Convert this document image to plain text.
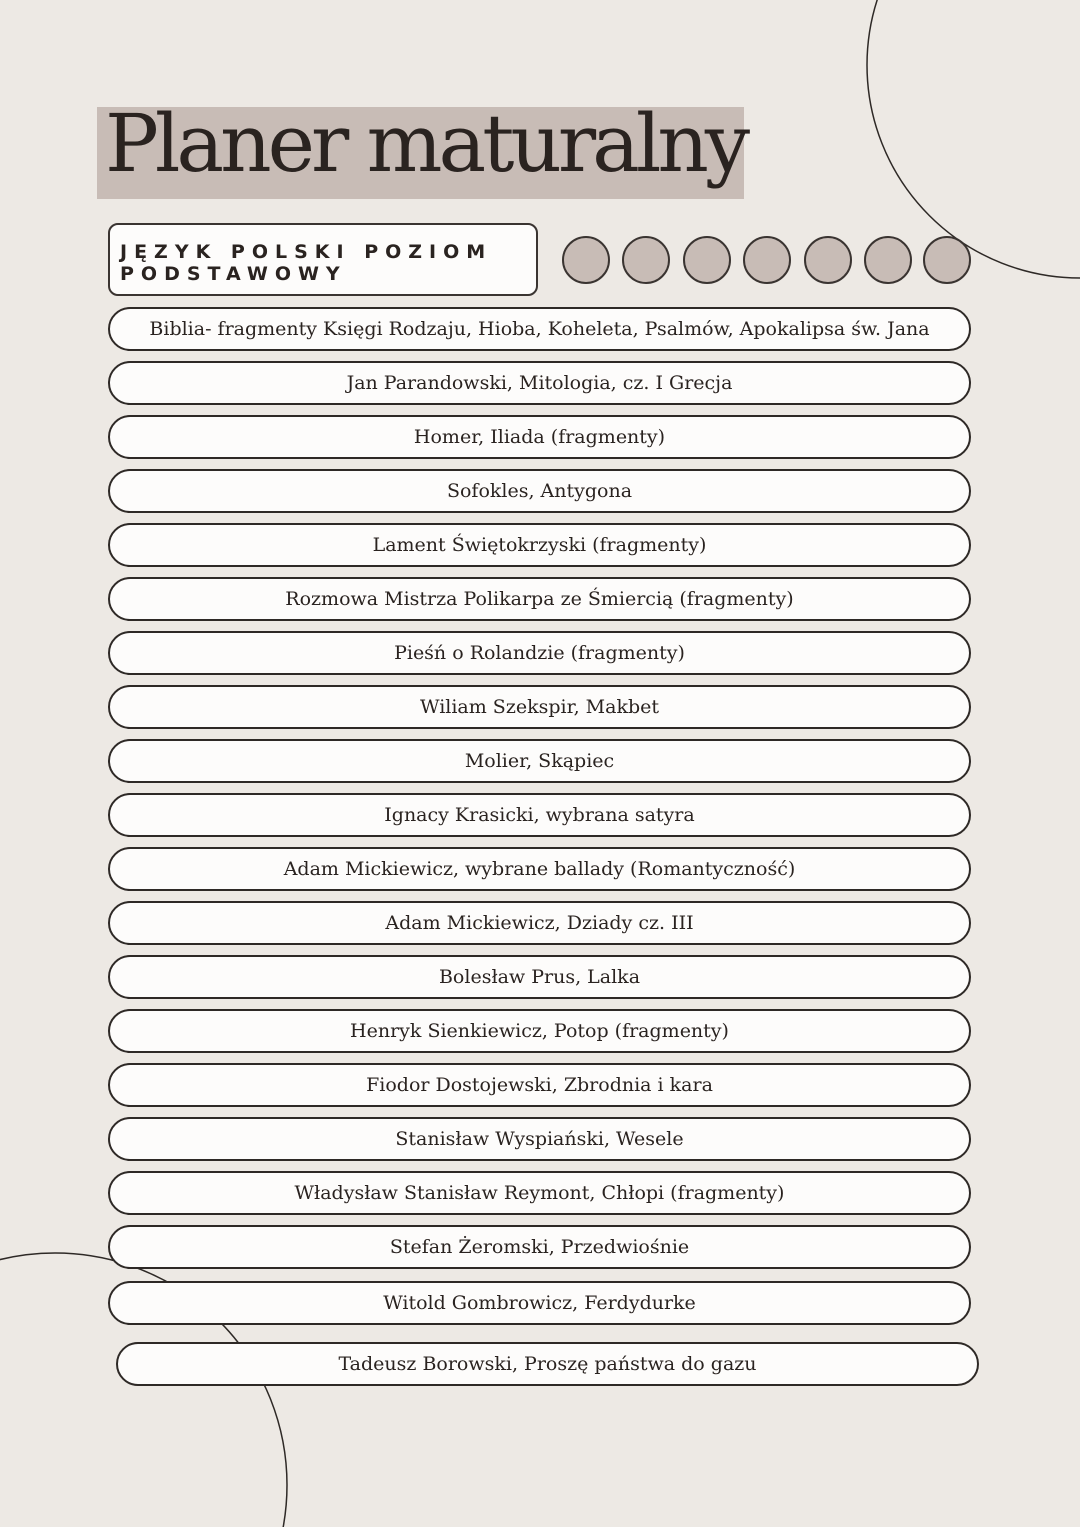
Planer maturalny
JĘZYK POLSKI POZIOM
PODSTAWOWY
Biblia- fragmenty Księgi Rodzaju, Hioba, Koheleta, Psalmów, Apokalipsa św. Jana
Jan Parandowski, Mitologia, cz. I Grecja
Homer, Iliada (fragmenty)
Sofokles, Antygona
Lament Świętokrzyski (fragmenty)
Rozmowa Mistrza Polikarpa ze Śmiercią (fragmenty)
Pieśń o Rolandzie (fragmenty)
Wiliam Szekspir, Makbet
Molier, Skąpiec
Ignacy Krasicki, wybrana satyra
Adam Mickiewicz, wybrane ballady (Romantyczność)
Adam Mickiewicz, Dziady cz. III
Bolesław Prus, Lalka
Henryk Sienkiewicz, Potop (fragmenty)
Fiodor Dostojewski, Zbrodnia i kara
Stanisław Wyspiański, Wesele
Władysław Stanisław Reymont, Chłopi (fragmenty)
Stefan Żeromski, Przedwiośnie
Witold Gombrowicz, Ferdydurke
Tadeusz Borowski, Proszę państwa do gazu
